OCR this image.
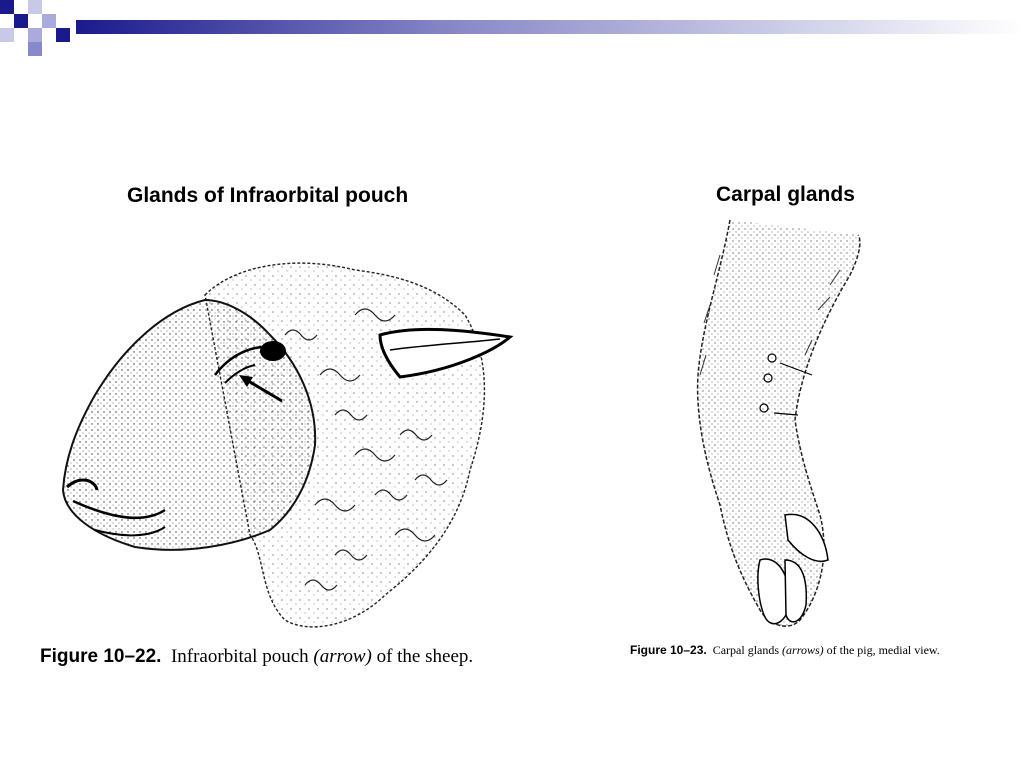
Glands of Infraorbital pouch	Carpal glands
Figure 10–22. Infraorbital pouch (arrow) of the sheep.	Figure 10–23. Carpal glands (arrows) of the pig, medial view.
